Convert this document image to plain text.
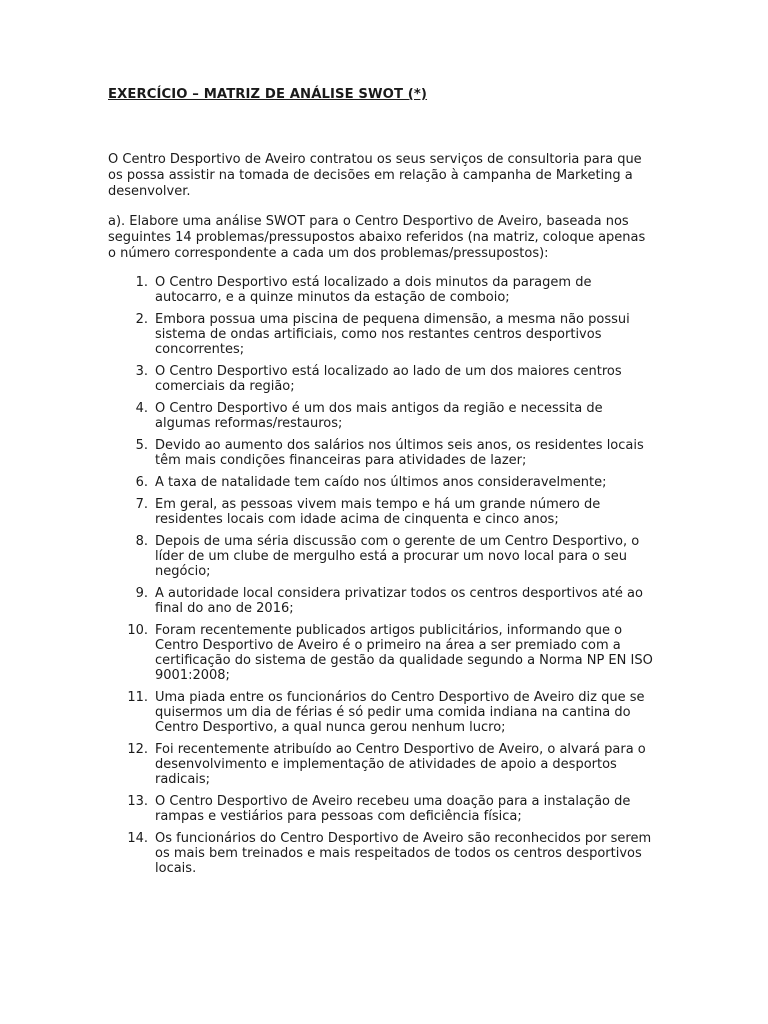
EXERCÍCIO – MATRIZ DE ANÁLISE SWOT (*)

O Centro Desportivo de Aveiro contratou os seus serviços de consultoria para que
os possa assistir na tomada de decisões em relação à campanha de Marketing a
desenvolver.

a). Elabore uma análise SWOT para o Centro Desportivo de Aveiro, baseada nos
seguintes 14 problemas/pressupostos abaixo referidos (na matriz, coloque apenas
o número correspondente a cada um dos problemas/pressupostos):

1. O Centro Desportivo está localizado a dois minutos da paragem de
autocarro, e a quinze minutos da estação de comboio;
2. Embora possua uma piscina de pequena dimensão, a mesma não possui
sistema de ondas artificiais, como nos restantes centros desportivos
concorrentes;
3. O Centro Desportivo está localizado ao lado de um dos maiores centros
comerciais da região;
4. O Centro Desportivo é um dos mais antigos da região e necessita de
algumas reformas/restauros;
5. Devido ao aumento dos salários nos últimos seis anos, os residentes locais
têm mais condições financeiras para atividades de lazer;
6. A taxa de natalidade tem caído nos últimos anos consideravelmente;
7. Em geral, as pessoas vivem mais tempo e há um grande número de
residentes locais com idade acima de cinquenta e cinco anos;
8. Depois de uma séria discussão com o gerente de um Centro Desportivo, o
líder de um clube de mergulho está a procurar um novo local para o seu
negócio;
9. A autoridade local considera privatizar todos os centros desportivos até ao
final do ano de 2016;
10. Foram recentemente publicados artigos publicitários, informando que o
Centro Desportivo de Aveiro é o primeiro na área a ser premiado com a
certificação do sistema de gestão da qualidade segundo a Norma NP EN ISO
9001:2008;
11. Uma piada entre os funcionários do Centro Desportivo de Aveiro diz que se
quisermos um dia de férias é só pedir uma comida indiana na cantina do
Centro Desportivo, a qual nunca gerou nenhum lucro;
12. Foi recentemente atribuído ao Centro Desportivo de Aveiro, o alvará para o
desenvolvimento e implementação de atividades de apoio a desportos
radicais;
13. O Centro Desportivo de Aveiro recebeu uma doação para a instalação de
rampas e vestiários para pessoas com deficiência física;
14. Os funcionários do Centro Desportivo de Aveiro são reconhecidos por serem
os mais bem treinados e mais respeitados de todos os centros desportivos
locais.
